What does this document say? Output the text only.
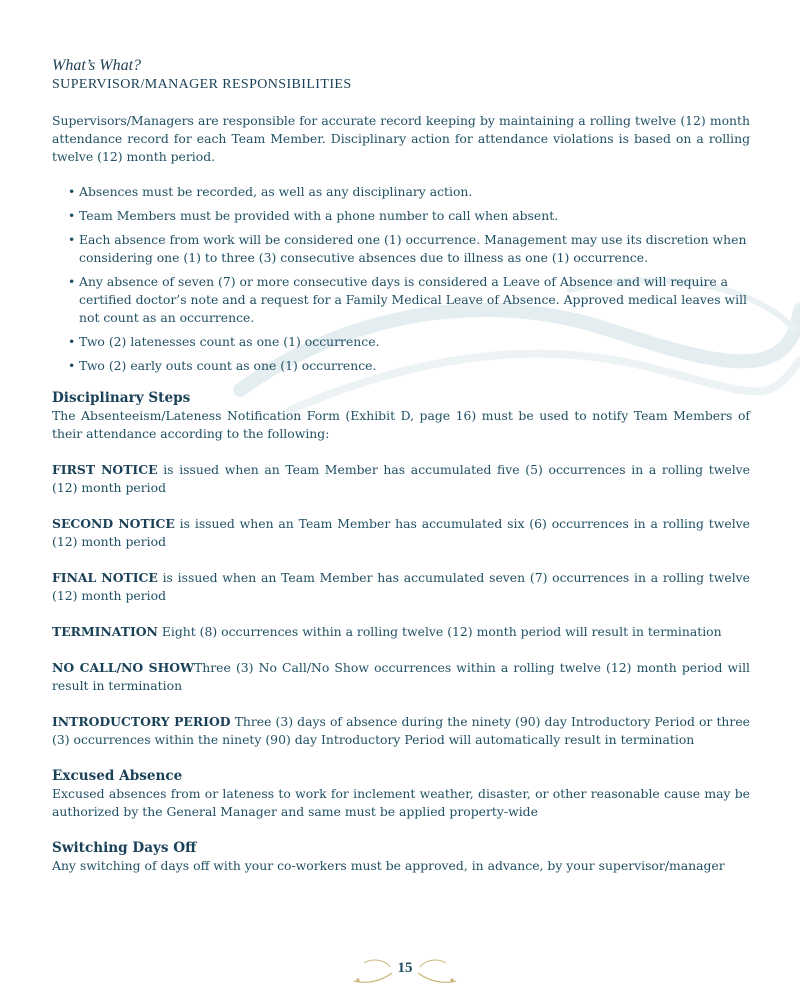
What’s What?

SUPERVISOR/MANAGER RESPONSIBILITIES

Supervisors/Managers are responsible for accurate record keeping by maintaining a rolling twelve (12) month attendance record for each Team Member. Disciplinary action for attendance violations is based on a rolling twelve (12) month period.

• Absences must be recorded, as well as any disciplinary action.
• Team Members must be provided with a phone number to call when absent.
• Each absence from work will be considered one (1) occurrence. Management may use its discretion when considering one (1) to three (3) consecutive absences due to illness as one (1) occurrence.
• Any absence of seven (7) or more consecutive days is considered a Leave of Absence and will require a certified doctor’s note and a request for a Family Medical Leave of Absence. Approved medical leaves will not count as an occurrence.
• Two (2) latenesses count as one (1) occurrence.
• Two (2) early outs count as one (1) occurrence.
Disciplinary Steps

The Absenteeism/Lateness Notification Form (Exhibit D, page 16) must be used to notify Team Members of their attendance according to the following:

FIRST NOTICE is issued when an Team Member has accumulated five (5) occurrences in a rolling twelve (12) month period

SECOND NOTICE is issued when an Team Member has accumulated six (6) occurrences in a rolling twelve (12) month period

FINAL NOTICE is issued when an Team Member has accumulated seven (7) occurrences in a rolling twelve (12) month period

TERMINATION Eight (8) occurrences within a rolling twelve (12) month period will result in termination

NO CALL/NO SHOWThree (3) No Call/No Show occurrences within a rolling twelve (12) month period will result in termination

INTRODUCTORY PERIOD Three (3) days of absence during the ninety (90) day Introductory Period or three (3) occurrences within the ninety (90) day Introductory Period will automatically result in termination

Excused Absence

Excused absences from or lateness to work for inclement weather, disaster, or other reasonable cause may be authorized by the General Manager and same must be applied property-wide

Switching Days Off

Any switching of days off with your co-workers must be approved, in advance, by your supervisor/manager

15
